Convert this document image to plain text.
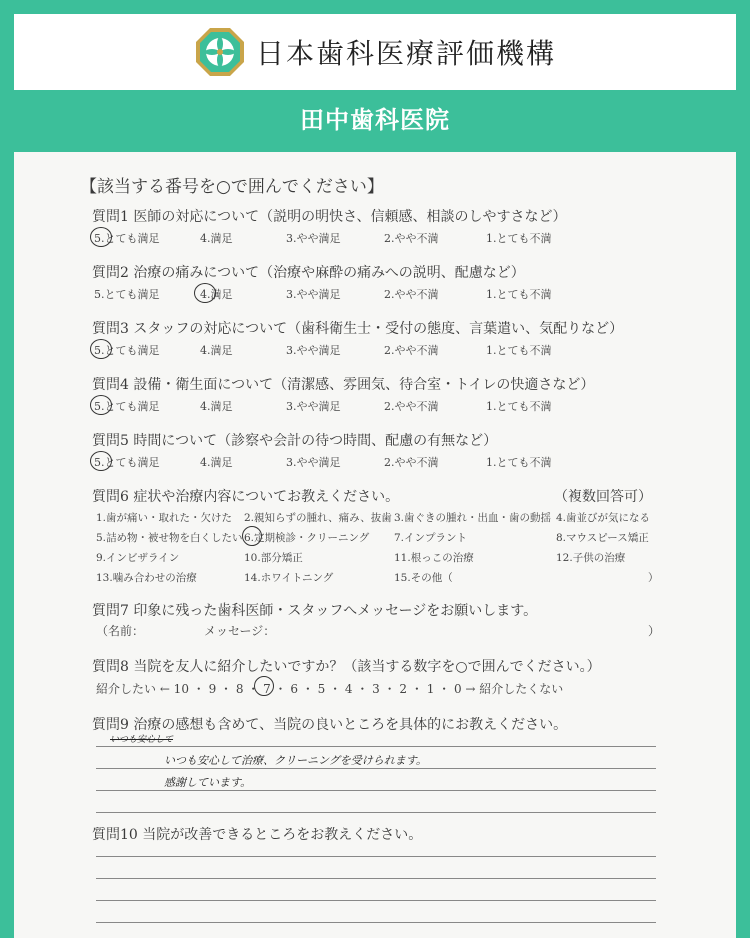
日本歯科医療評価機構
田中歯科医院
【該当する番号を○で囲んでください】
質問1 医師の対応について（説明の明快さ、信頼感、相談のしやすさなど）
5.とても満足	4.満足	3.やや満足	2.やや不満	1.とても不満
質問2 治療の痛みについて（治療や麻酔の痛みへの説明、配慮など）
5.とても満足	4.満足	3.やや満足	2.やや不満	1.とても不満
質問3 スタッフの対応について（歯科衛生士・受付の態度、言葉遣い、気配りなど）
5.とても満足	4.満足	3.やや満足	2.やや不満	1.とても不満
質問4 設備・衛生面について（清潔感、雰囲気、待合室・トイレの快適さなど）
5.とても満足	4.満足	3.やや満足	2.やや不満	1.とても不満
質問5 時間について（診察や会計の待つ時間、配慮の有無など）
5.とても満足	4.満足	3.やや満足	2.やや不満	1.とても不満
質問6 症状や治療内容についてお教えください。	（複数回答可）
1.歯が痛い・取れた・欠けた 2.親知らずの腫れ、痛み、抜歯 3.歯ぐきの腫れ・出血・歯の動揺 4.歯並びが気になる
5.詰め物・被せ物を白くしたい 6.定期検診・クリーニング 7.インプラント	8.マウスピース矯正
9.インビザライン	10.部分矯正	11.根っこの治療	12.子供の治療
13.噛み合わせの治療	14.ホワイトニング	15.その他（	）
質問7 印象に残った歯科医師・スタッフへメッセージをお願いします。
（名前：	メッセージ：	）
質問8 当院を友人に紹介したいですか？（該当する数字を○で囲んでください。）
紹介したい ← 10 ・ 9 ・ 8 ・ 7 ・ 6 ・ 5 ・ 4 ・ 3 ・ 2 ・ 1 ・ 0 → 紹介したくない
質問9 治療の感想も含めて、当院の良いところを具体的にお教えください。
いつも安心して
いつも安心して治療、クリーニングを受けられます。
感謝しています。
質問10 当院が改善できるところをお教えください。
